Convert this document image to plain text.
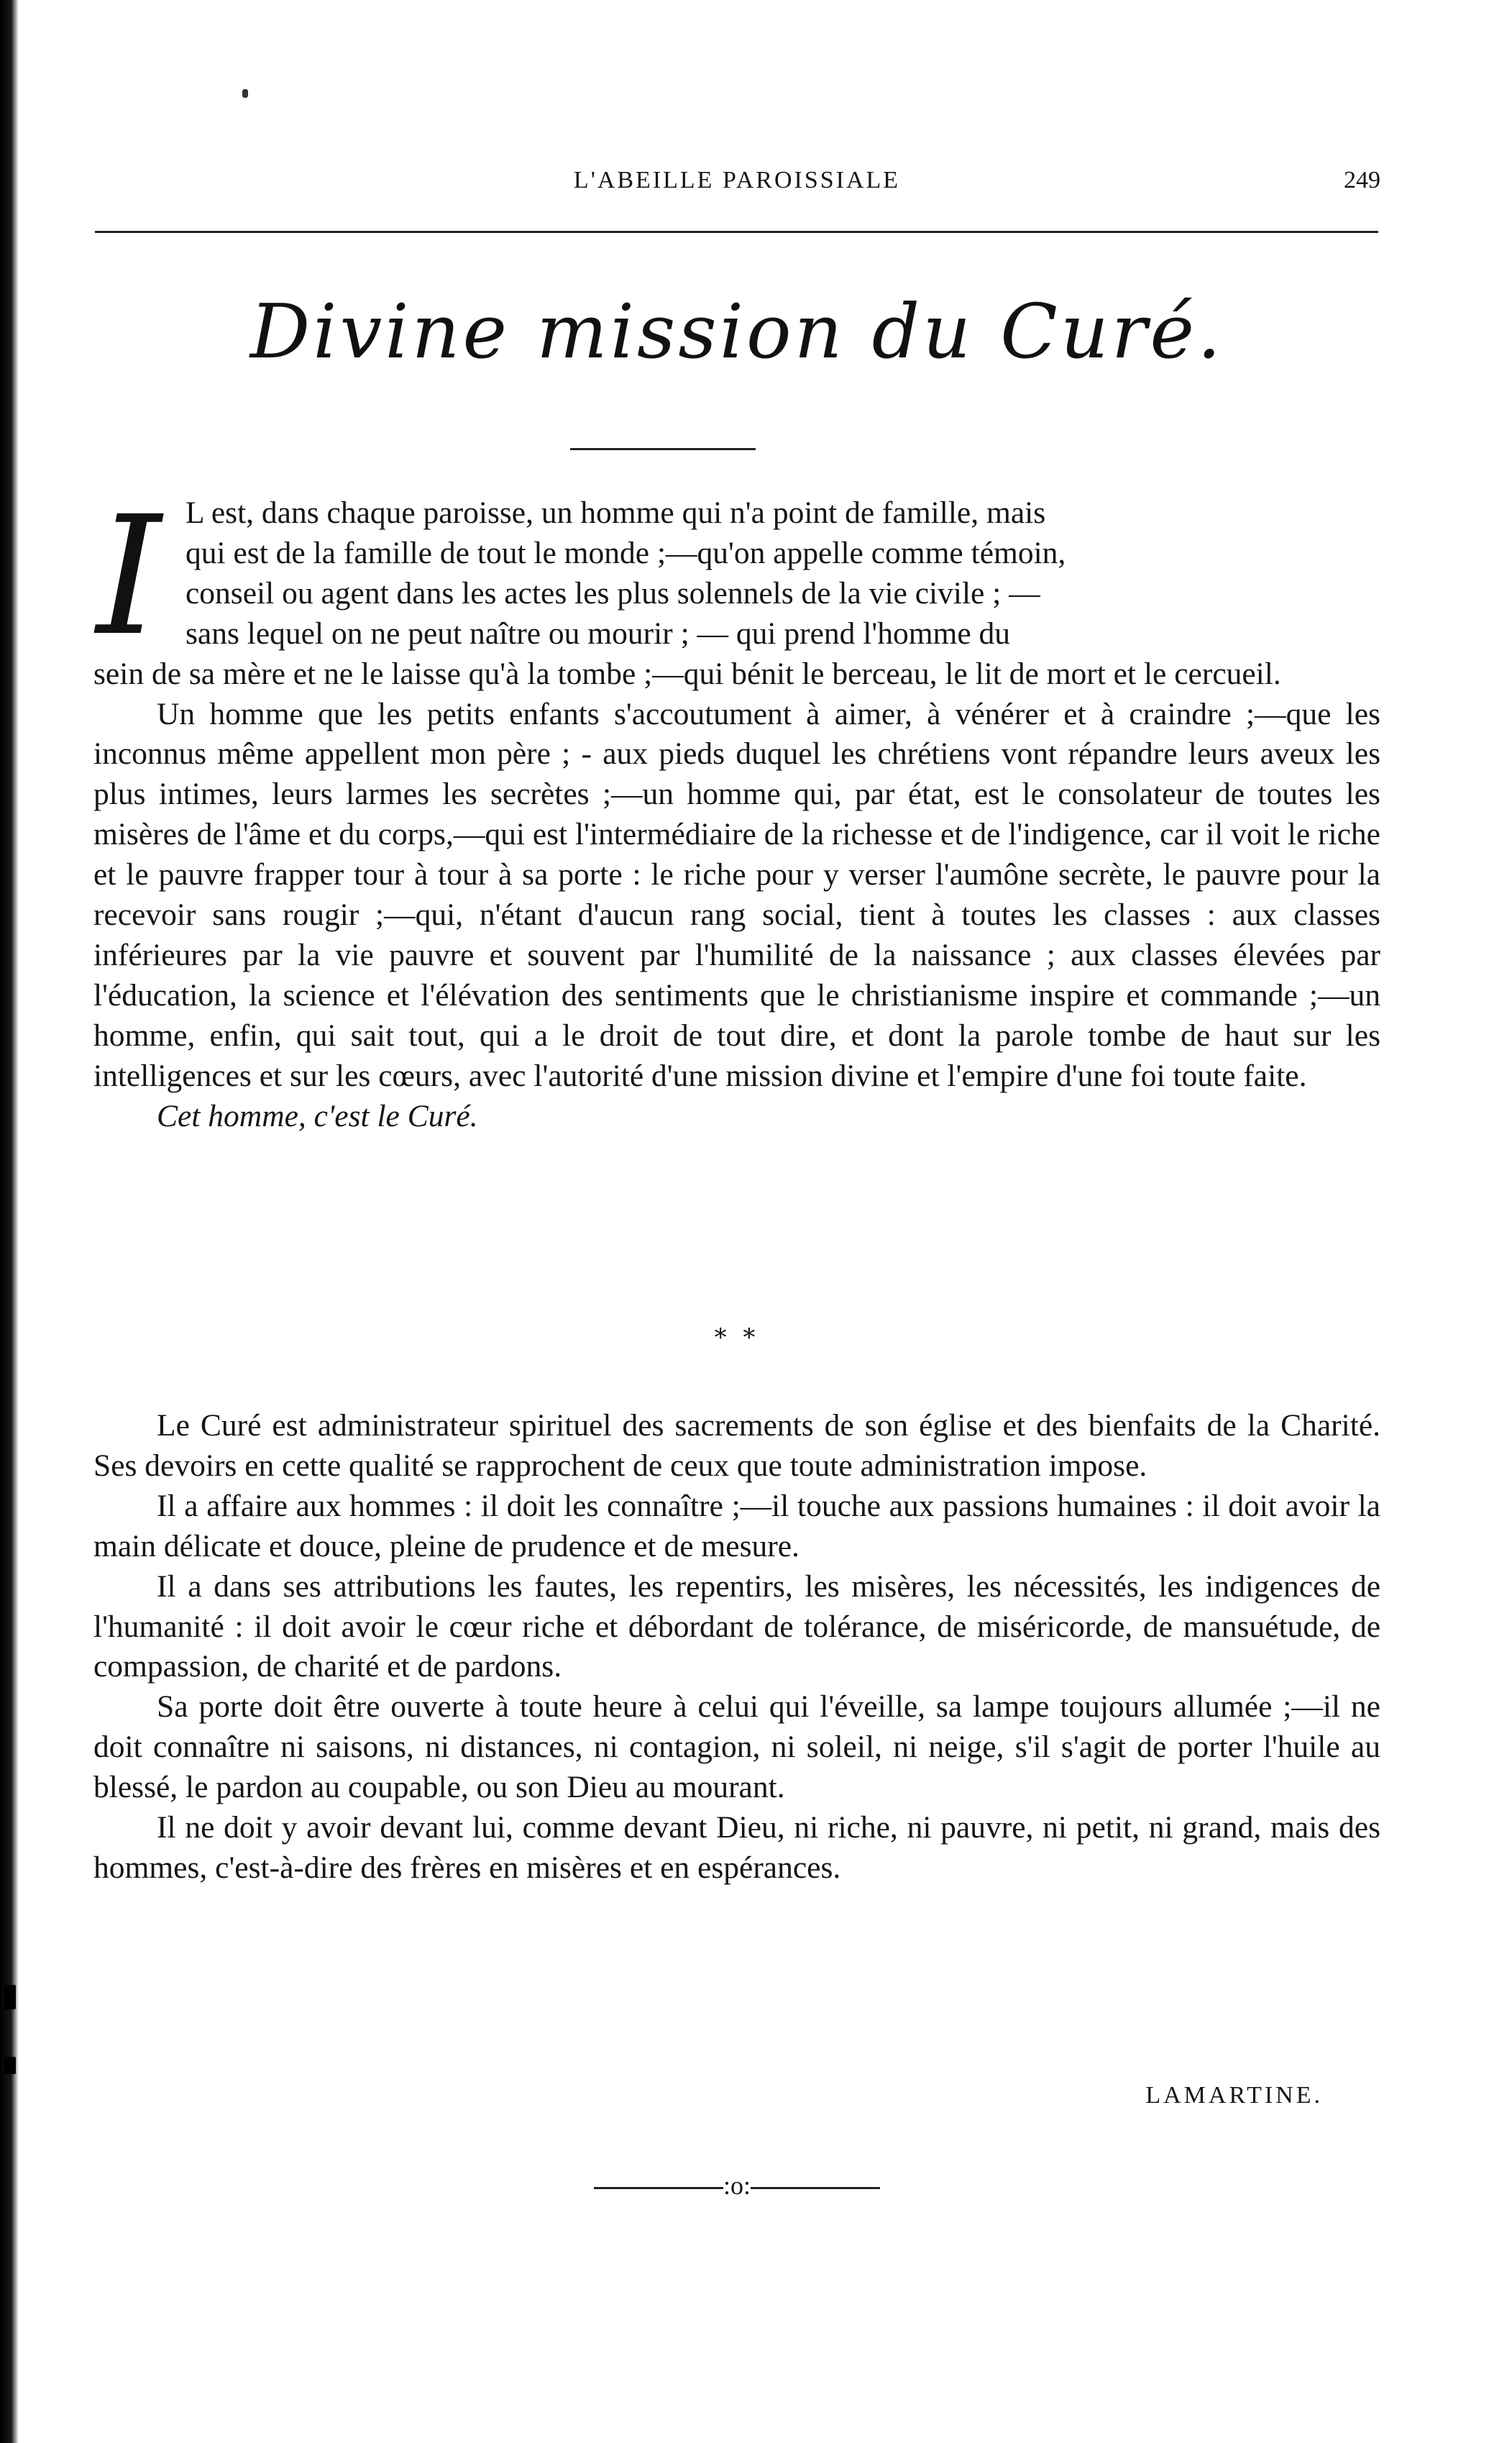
L'ABEILLE PAROISSIALE	249
Divine mission du Curé.
I L est, dans chaque paroisse, un homme qui n'a point de famille, mais
qui est de la famille de tout le monde ;—qu'on appelle comme témoin,
conseil ou agent dans les actes les plus solennels de la vie civile ; —
sans lequel on ne peut naître ou mourir ; — qui prend l'homme du
sein de sa mère et ne le laisse qu'à la tombe ;—qui bénit le berceau, le lit de mort et le cercueil.

Un homme que les petits enfants s'accoutument à aimer, à vénérer et à craindre ;—que les inconnus même appellent mon père ; - aux pieds duquel les chrétiens vont répandre leurs aveux les plus intimes, leurs larmes les secrètes ;—un homme qui, par état, est le consolateur de toutes les misères de l'âme et du corps,—qui est l'intermédiaire de la richesse et de l'indigence, car il voit le riche et le pauvre frapper tour à tour à sa porte : le riche pour y verser l'aumône secrète, le pauvre pour la recevoir sans rougir ;—qui, n'étant d'aucun rang social, tient à toutes les classes : aux classes inférieures par la vie pauvre et souvent par l'humilité de la naissance ; aux classes élevées par l'éducation, la science et l'élévation des sentiments que le christianisme inspire et commande ;—un homme, enfin, qui sait tout, qui a le droit de tout dire, et dont la parole tombe de haut sur les intelligences et sur les cœurs, avec l'autorité d'une mission divine et l'empire d'une foi toute faite.

Cet homme, c'est le Curé.

* *

Le Curé est administrateur spirituel des sacrements de son église et des bienfaits de la Charité. Ses devoirs en cette qualité se rapprochent de ceux que toute administration impose.

Il a affaire aux hommes : il doit les connaître ;—il touche aux passions humaines : il doit avoir la main délicate et douce, pleine de prudence et de mesure.

Il a dans ses attributions les fautes, les repentirs, les misères, les nécessités, les indigences de l'humanité : il doit avoir le cœur riche et débordant de tolérance, de miséricorde, de mansuétude, de compassion, de charité et de pardons.

Sa porte doit être ouverte à toute heure à celui qui l'éveille, sa lampe toujours allumée ;—il ne doit connaître ni saisons, ni distances, ni contagion, ni soleil, ni neige, s'il s'agit de porter l'huile au blessé, le pardon au coupable, ou son Dieu au mourant.

Il ne doit y avoir devant lui, comme devant Dieu, ni riche, ni pauvre, ni petit, ni grand, mais des hommes, c'est-à-dire des frères en misères et en espérances.

LAMARTINE.
:o:
